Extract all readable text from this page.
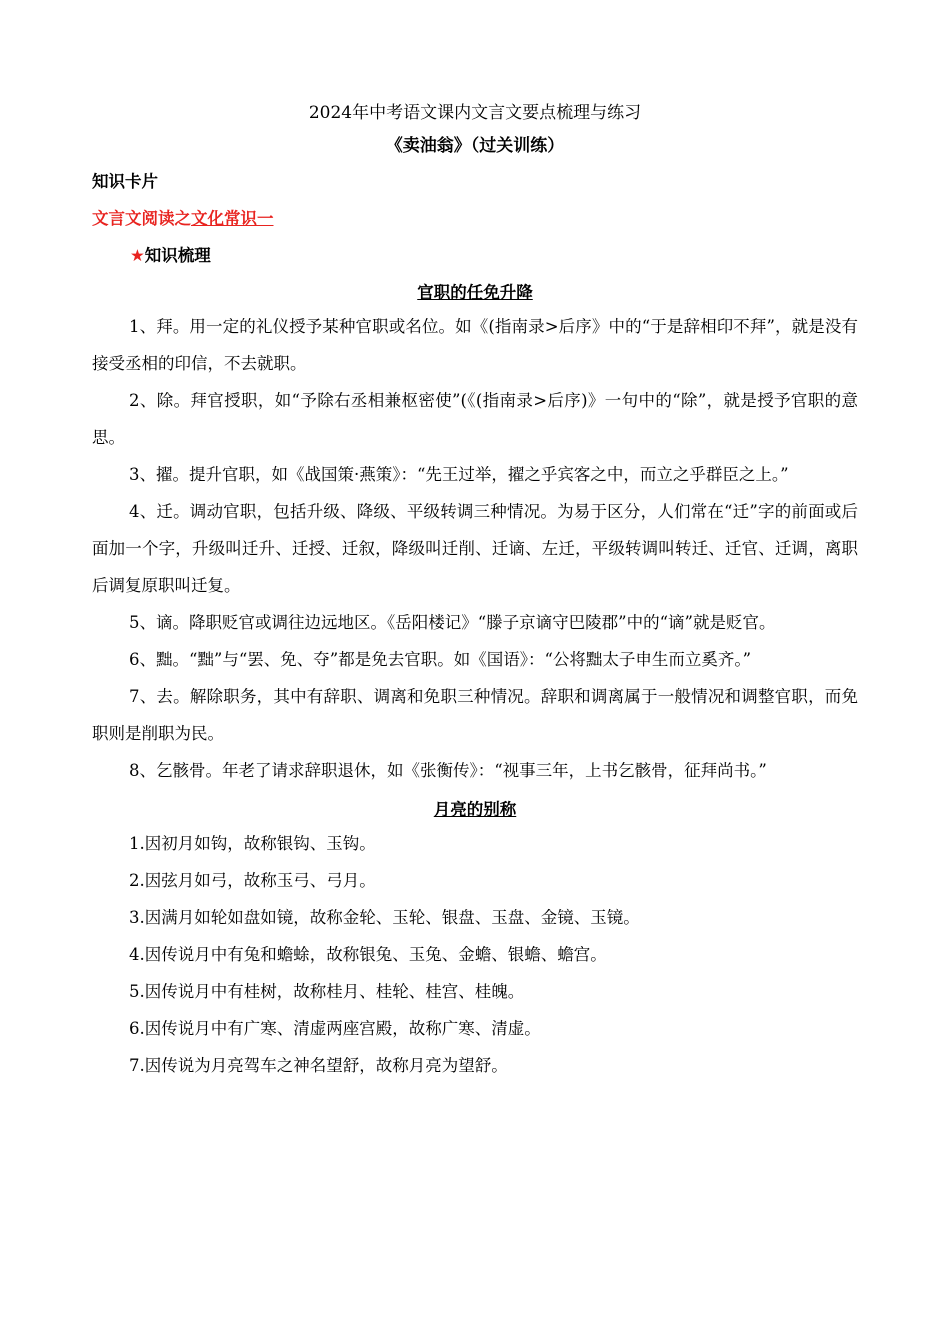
2024年中考语文课内文言文要点梳理与练习

《卖油翁》（过关训练）

知识卡片

文言文阅读之文化常识一

★知识梳理

官职的任免升降

1、拜。用一定的礼仪授予某种官职或名位。如《(指南录>后序》中的“于是辞相印不拜”，就是没有接受丞相的印信，不去就职。

2、除。拜官授职，如“予除右丞相兼枢密使”(《(指南录>后序)》一句中的“除”，就是授予官职的意思。

3、擢。提升官职，如《战国策·燕策》：“先王过举，擢之乎宾客之中，而立之乎群臣之上。”

4、迁。调动官职，包括升级、降级、平级转调三种情况。为易于区分，人们常在“迁”字的前面或后面加一个字，升级叫迁升、迁授、迁叙，降级叫迁削、迁谪、左迁，平级转调叫转迁、迁官、迁调，离职后调复原职叫迁复。

5、谪。降职贬官或调往边远地区。《岳阳楼记》“滕子京谪守巴陵郡”中的“谪”就是贬官。

6、黜。“黜”与“罢、免、夺”都是免去官职。如《国语》：“公将黜太子申生而立奚齐。”

7、去。解除职务，其中有辞职、调离和免职三种情况。辞职和调离属于一般情况和调整官职，而免职则是削职为民。

8、乞骸骨。年老了请求辞职退休，如《张衡传》：“视事三年，上书乞骸骨，征拜尚书。”

月亮的别称

1.因初月如钩，故称银钩、玉钩。

2.因弦月如弓，故称玉弓、弓月。

3.因满月如轮如盘如镜，故称金轮、玉轮、银盘、玉盘、金镜、玉镜。

4.因传说月中有兔和蟾蜍，故称银兔、玉兔、金蟾、银蟾、蟾宫。

5.因传说月中有桂树，故称桂月、桂轮、桂宫、桂魄。

6.因传说月中有广寒、清虚两座宫殿，故称广寒、清虚。

7.因传说为月亮驾车之神名望舒，故称月亮为望舒。
